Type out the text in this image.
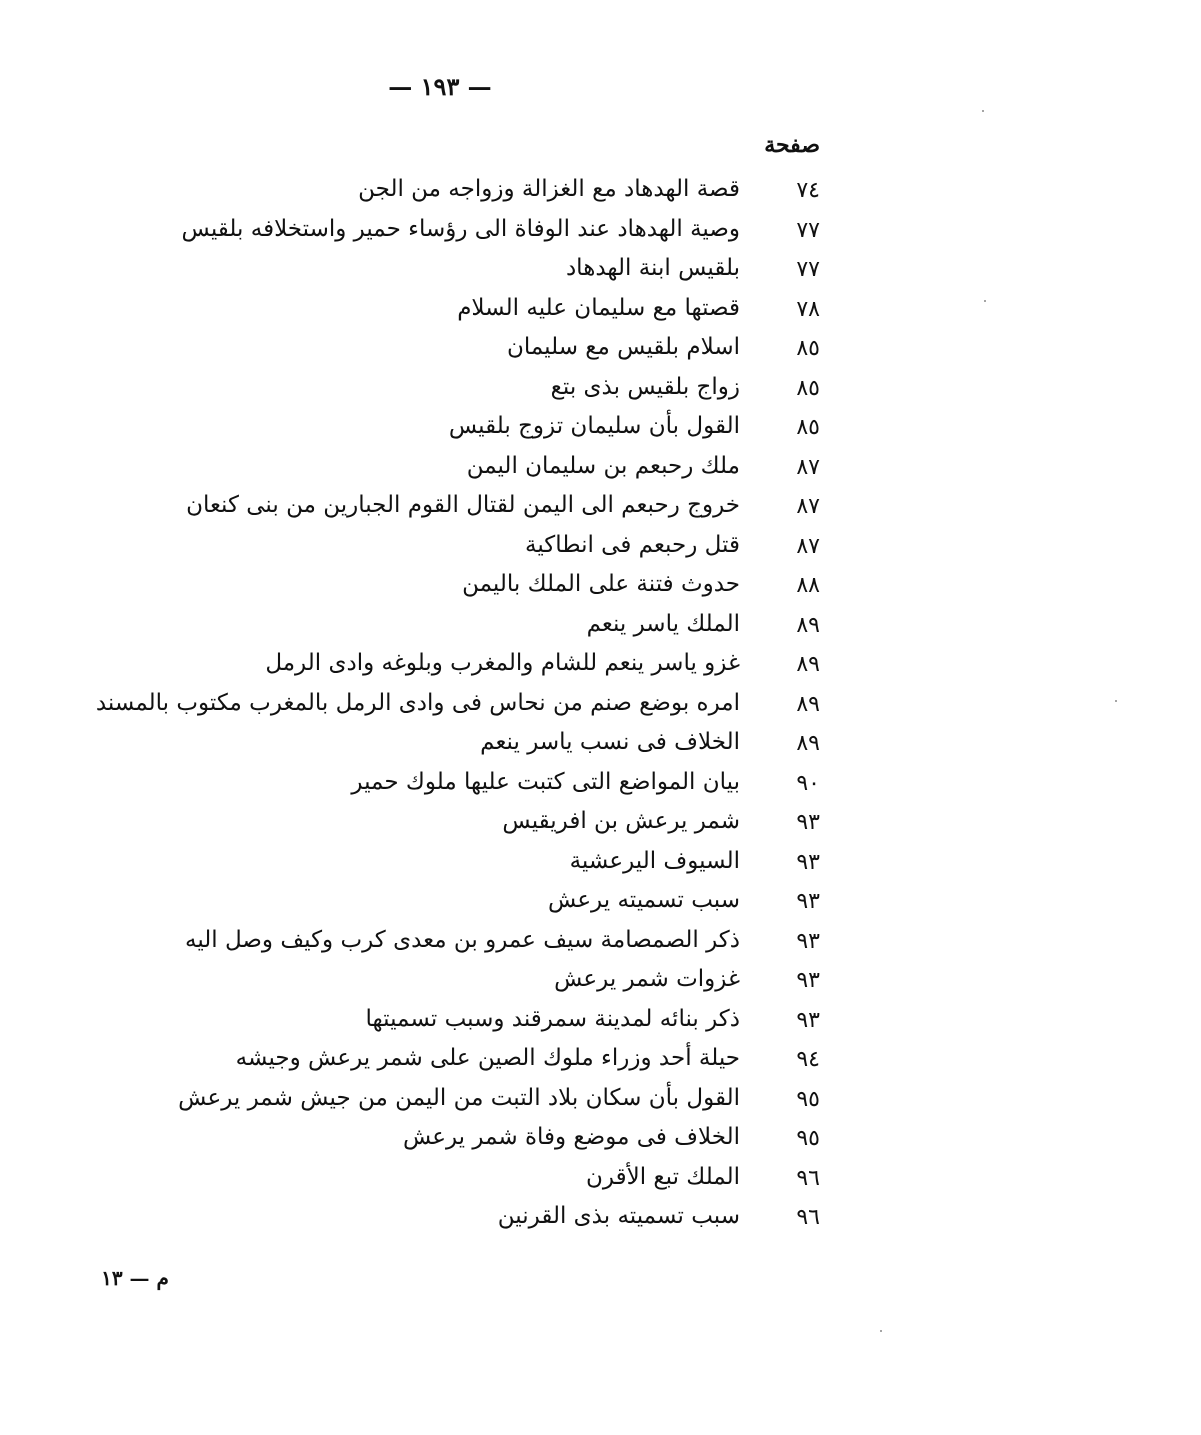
— ١٩٣ —
صفحة
٧٤
قصة الهدهاد مع الغزالة وزواجه من الجن
٧٧
وصية الهدهاد عند الوفاة الى رؤساء حمير واستخلافه بلقيس
٧٧
بلقيس ابنة الهدهاد
٧٨
قصتها مع سليمان عليه السلام
٨٥
اسلام بلقيس مع سليمان
٨٥
زواج بلقيس بذى بتع
٨٥
القول بأن سليمان تزوج بلقيس
٨٧
ملك رحبعم بن سليمان اليمن
٨٧
خروج رحبعم الى اليمن لقتال القوم الجبارين من بنى كنعان
٨٧
قتل رحبعم فى انطاكية
٨٨
حدوث فتنة على الملك باليمن
٨٩
الملك ياسر ينعم
٨٩
غزو ياسر ينعم للشام والمغرب وبلوغه وادى الرمل
٨٩
امره بوضع صنم من نحاس فى وادى الرمل بالمغرب مكتوب بالمسند
٨٩
الخلاف فى نسب ياسر ينعم
٩٠
بيان المواضع التى كتبت عليها ملوك حمير
٩٣
شمر يرعش بن افريقيس
٩٣
السيوف اليرعشية
٩٣
سبب تسميته يرعش
٩٣
ذكر الصمصامة سيف عمرو بن معدى كرب وكيف وصل اليه
٩٣
غزوات شمر يرعش
٩٣
ذكر بنائه لمدينة سمرقند وسبب تسميتها
٩٤
حيلة أحد وزراء ملوك الصين على شمر يرعش وجيشه
٩٥
القول بأن سكان بلاد التبت من اليمن من جيش شمر يرعش
٩٥
الخلاف فى موضع وفاة شمر يرعش
٩٦
الملك تبع الأقرن
٩٦
سبب تسميته بذى القرنين
م — ١٣
